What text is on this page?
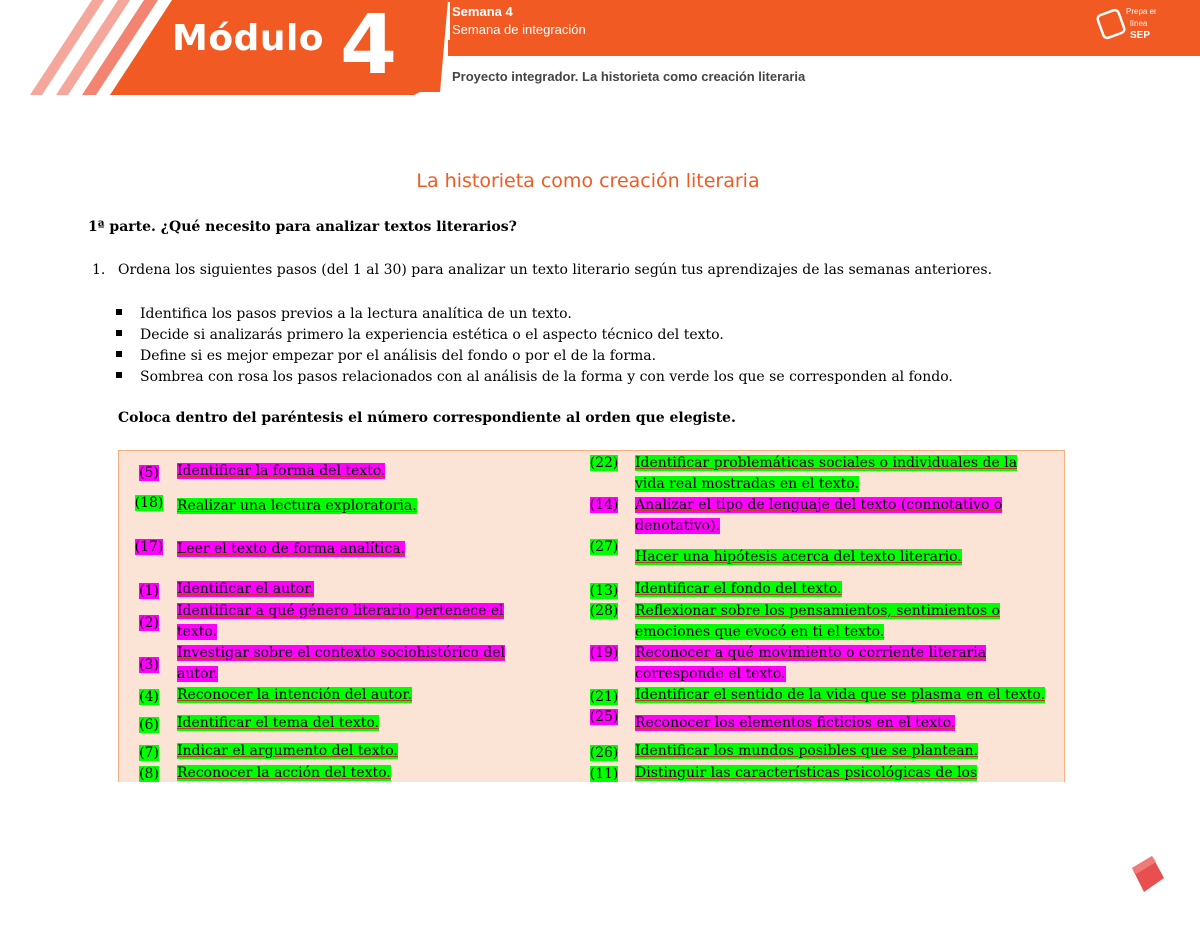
Módulo 4	Semana 4
Semana de integración
Proyecto integrador. La historieta como creación literaria
Prepa en
línea
SEP
La historieta como creación literaria
1ª parte. ¿Qué necesito para analizar textos literarios?
1. Ordena los siguientes pasos (del 1 al 30) para analizar un texto literario según tus aprendizajes de las semanas anteriores.
Identifica los pasos previos a la lectura analítica de un texto.
Decide si analizarás primero la experiencia estética o el aspecto técnico del texto.
Define si es mejor empezar por el análisis del fondo o por el de la forma.
Sombrea con rosa los pasos relacionados con al análisis de la forma y con verde los que se corresponden al fondo.
Coloca dentro del paréntesis el número correspondiente al orden que elegiste.
(5)	Identificar la forma del texto.
(18) Realizar una lectura exploratoria.
(17) Leer el texto de forma analítica.
(1)	Identificar el autor.
(2)
Identificar a qué género literario pertenece el
texto.
(3)
Investigar sobre el contexto sociohistórico del
autor.
(4)	Reconocer la intención del autor.
(6)	Identificar el tema del texto.
(7)	Indicar el argumento del texto.
(8)	Reconocer la acción del texto.
(22)	Identificar problemáticas sociales o individuales de la
vida real mostradas en el texto.
(14)	Analizar el tipo de lenguaje del texto (connotativo o
denotativo).
(27)
Hacer una hipótesis acerca del texto literario.
(13)	Identificar el fondo del texto.
(28)	Reflexionar sobre los pensamientos, sentimientos o
emociones que evocó en ti el texto.
(19)	Reconocer a qué movimiento o corriente literaria
corresponde el texto.
(21)	Identificar el sentido de la vida que se plasma en el texto.
(25)	Reconocer los elementos ficticios en el texto.
(26)	Identificar los mundos posibles que se plantean.
(11)	Distinguir las características psicológicas de los
